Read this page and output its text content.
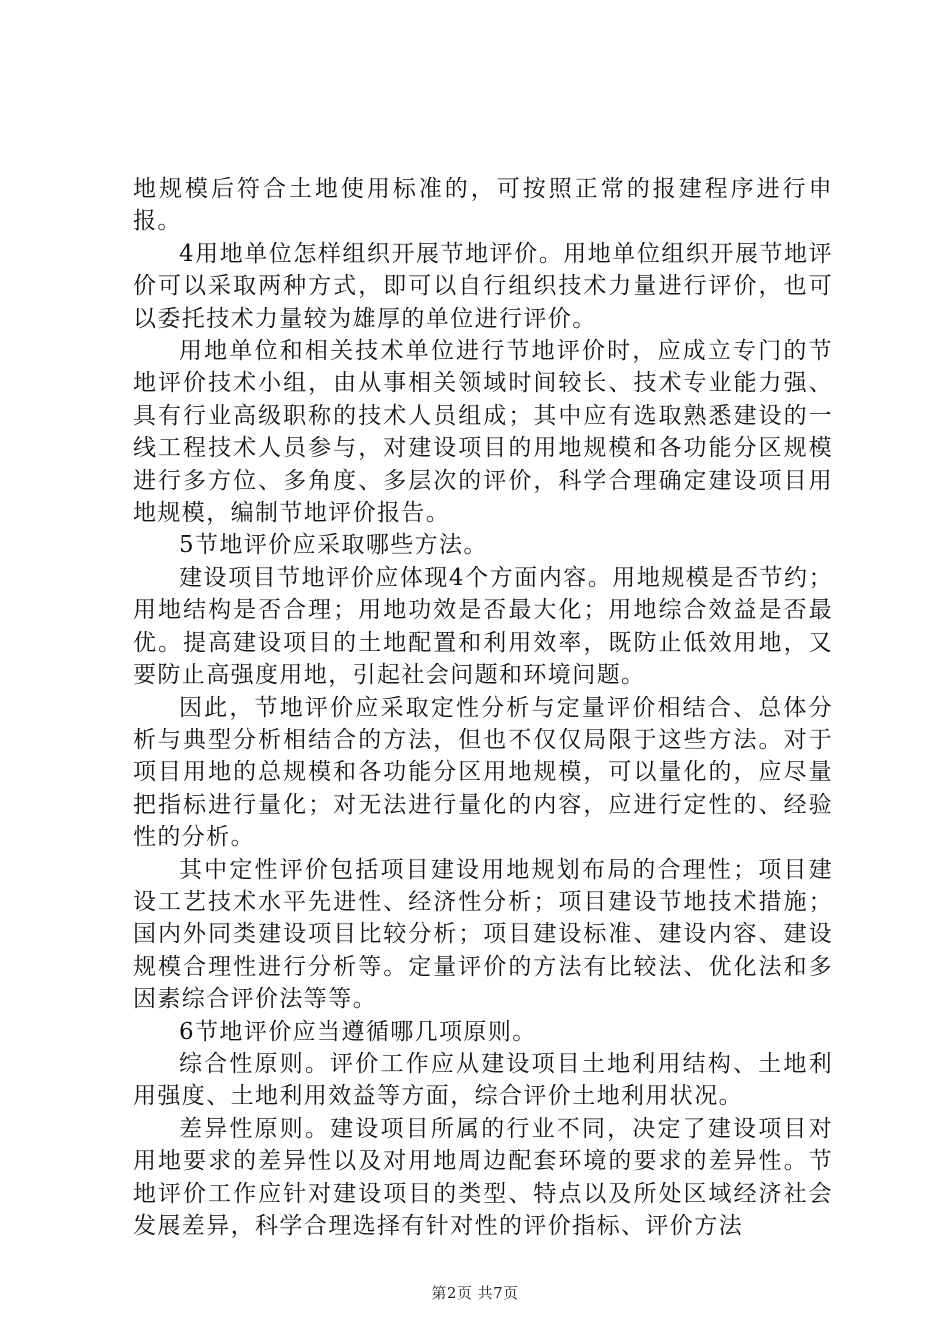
地规模后符合土地使用标准的，可按照正常的报建程序进行申报。

4用地单位怎样组织开展节地评价。用地单位组织开展节地评价可以采取两种方式，即可以自行组织技术力量进行评价，也可以委托技术力量较为雄厚的单位进行评价。

用地单位和相关技术单位进行节地评价时，应成立专门的节地评价技术小组，由从事相关领域时间较长、技术专业能力强、具有行业高级职称的技术人员组成；其中应有选取熟悉建设的一线工程技术人员参与，对建设项目的用地规模和各功能分区规模进行多方位、多角度、多层次的评价，科学合理确定建设项目用地规模，编制节地评价报告。

5节地评价应采取哪些方法。

建设项目节地评价应体现4个方面内容。用地规模是否节约；用地结构是否合理；用地功效是否最大化；用地综合效益是否最优。提高建设项目的土地配置和利用效率，既防止低效用地，又要防止高强度用地，引起社会问题和环境问题。

因此，节地评价应采取定性分析与定量评价相结合、总体分析与典型分析相结合的方法，但也不仅仅局限于这些方法。对于项目用地的总规模和各功能分区用地规模，可以量化的，应尽量把指标进行量化；对无法进行量化的内容，应进行定性的、经验性的分析。

其中定性评价包括项目建设用地规划布局的合理性；项目建设工艺技术水平先进性、经济性分析；项目建设节地技术措施；国内外同类建设项目比较分析；项目建设标准、建设内容、建设规模合理性进行分析等。定量评价的方法有比较法、优化法和多因素综合评价法等等。

6节地评价应当遵循哪几项原则。

综合性原则。评价工作应从建设项目土地利用结构、土地利用强度、土地利用效益等方面，综合评价土地利用状况。

差异性原则。建设项目所属的行业不同，决定了建设项目对用地要求的差异性以及对用地周边配套环境的要求的差异性。节地评价工作应针对建设项目的类型、特点以及所处区域经济社会发展差异，科学合理选择有针对性的评价指标、评价方法

第2页 共7页
